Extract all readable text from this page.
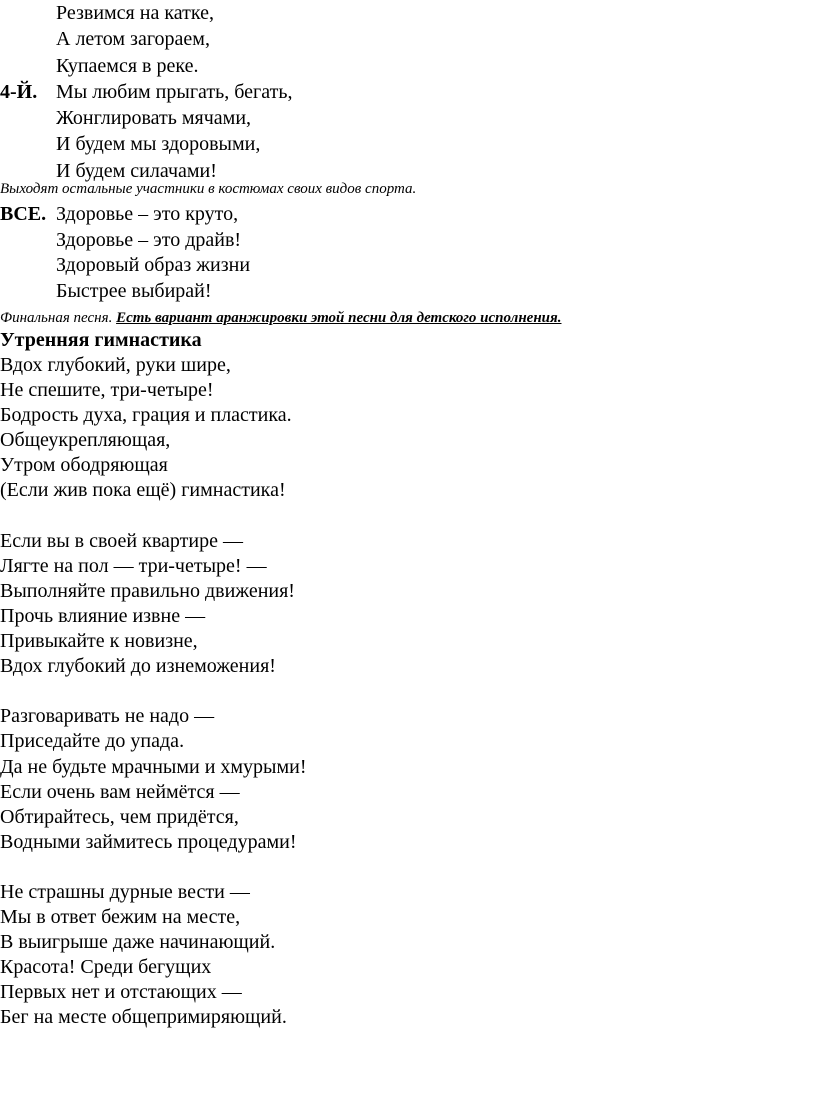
Резвимся на катке,
А летом загораем,
Купаемся в реке.
4-Й. Мы любим прыгать, бегать,
Жонглировать мячами,
И будем мы здоровыми,
И будем силачами!
Выходят остальные участники в костюмах своих видов спорта.
ВСЕ. Здоровье – это круто,
Здоровье – это драйв!
Здоровый образ жизни
Быстрее выбирай!
Финальная песня. Есть вариант аранжировки этой песни для детского исполнения.
Утренняя гимнастика
Вдох глубокий, руки шире,
Не спешите, три-четыре!
Бодрость духа, грация и пластика.
Общеукрепляющая,
Утром ободряющая
(Если жив пока ещё) гимнастика!
Если вы в своей квартире —
Лягте на пол — три-четыре! —
Выполняйте правильно движения!
Прочь влияние извне —
Привыкайте к новизне,
Вдох глубокий до изнеможения!
Разговаривать не надо —
Приседайте до упада.
Да не будьте мрачными и хмурыми!
Если очень вам неймётся —
Обтирайтесь, чем придётся,
Водными займитесь процедурами!
Не страшны дурные вести —
Мы в ответ бежим на месте,
В выигрыше даже начинающий.
Красота! Среди бегущих
Первых нет и отстающих —
Бег на месте общепримиряющий.
